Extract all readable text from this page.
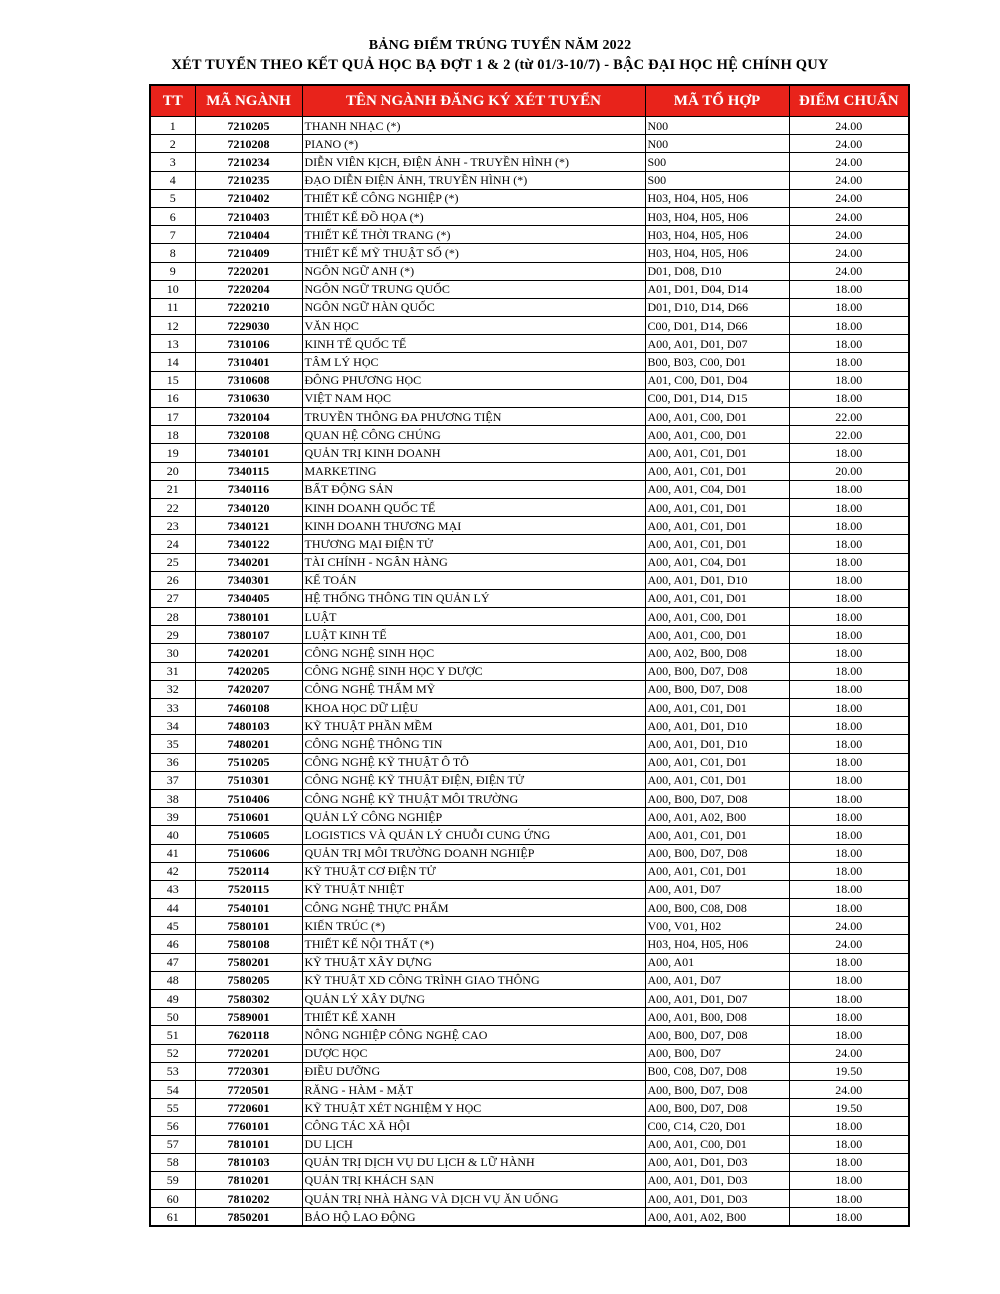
BẢNG ĐIỂM TRÚNG TUYỂN NĂM 2022
XÉT TUYỂN THEO KẾT QUẢ HỌC BẠ ĐỢT 1 & 2 (từ 01/3-10/7) - BẬC ĐẠI HỌC HỆ CHÍNH QUY
TT	MÃ NGÀNH	TÊN NGÀNH ĐĂNG KÝ XÉT TUYỂN	MÃ TỔ HỢP	ĐIỂM CHUẨN
1	7210205	THANH NHẠC (*)	N00	24.00
2	7210208	PIANO (*)	N00	24.00
3	7210234	DIỄN VIÊN KỊCH, ĐIỆN ẢNH - TRUYỀN HÌNH (*)	S00	24.00
4	7210235	ĐẠO DIỄN ĐIỆN ẢNH, TRUYỀN HÌNH (*)	S00	24.00
5	7210402	THIẾT KẾ CÔNG NGHIỆP (*)	H03, H04, H05, H06	24.00
6	7210403	THIẾT KẾ ĐỒ HỌA (*)	H03, H04, H05, H06	24.00
7	7210404	THIẾT KẾ THỜI TRANG (*)	H03, H04, H05, H06	24.00
8	7210409	THIẾT KẾ MỸ THUẬT SỐ (*)	H03, H04, H05, H06	24.00
9	7220201	NGÔN NGỮ ANH (*)	D01, D08, D10	24.00
10	7220204	NGÔN NGỮ TRUNG QUỐC	A01, D01, D04, D14	18.00
11	7220210	NGÔN NGỮ HÀN QUỐC	D01, D10, D14, D66	18.00
12	7229030	VĂN HỌC	C00, D01, D14, D66	18.00
13	7310106	KINH TẾ QUỐC TẾ	A00, A01, D01, D07	18.00
14	7310401	TÂM LÝ HỌC	B00, B03, C00, D01	18.00
15	7310608	ĐÔNG PHƯƠNG HỌC	A01, C00, D01, D04	18.00
16	7310630	VIỆT NAM HỌC	C00, D01, D14, D15	18.00
17	7320104	TRUYỀN THÔNG ĐA PHƯƠNG TIỆN	A00, A01, C00, D01	22.00
18	7320108	QUAN HỆ CÔNG CHÚNG	A00, A01, C00, D01	22.00
19	7340101	QUẢN TRỊ KINH DOANH	A00, A01, C01, D01	18.00
20	7340115	MARKETING	A00, A01, C01, D01	20.00
21	7340116	BẤT ĐỘNG SẢN	A00, A01, C04, D01	18.00
22	7340120	KINH DOANH QUỐC TẾ	A00, A01, C01, D01	18.00
23	7340121	KINH DOANH THƯƠNG MẠI	A00, A01, C01, D01	18.00
24	7340122	THƯƠNG MẠI ĐIỆN TỬ	A00, A01, C01, D01	18.00
25	7340201	TÀI CHÍNH - NGÂN HÀNG	A00, A01, C04, D01	18.00
26	7340301	KẾ TOÁN	A00, A01, D01, D10	18.00
27	7340405	HỆ THỐNG THÔNG TIN QUẢN LÝ	A00, A01, C01, D01	18.00
28	7380101	LUẬT	A00, A01, C00, D01	18.00
29	7380107	LUẬT KINH TẾ	A00, A01, C00, D01	18.00
30	7420201	CÔNG NGHỆ SINH HỌC	A00, A02, B00, D08	18.00
31	7420205	CÔNG NGHỆ SINH HỌC Y DƯỢC	A00, B00, D07, D08	18.00
32	7420207	CÔNG NGHỆ THẨM MỸ	A00, B00, D07, D08	18.00
33	7460108	KHOA HỌC DỮ LIỆU	A00, A01, C01, D01	18.00
34	7480103	KỸ THUẬT PHẦN MỀM	A00, A01, D01, D10	18.00
35	7480201	CÔNG NGHỆ THÔNG TIN	A00, A01, D01, D10	18.00
36	7510205	CÔNG NGHỆ KỸ THUẬT Ô TÔ	A00, A01, C01, D01	18.00
37	7510301	CÔNG NGHỆ KỸ THUẬT ĐIỆN, ĐIỆN TỬ	A00, A01, C01, D01	18.00
38	7510406	CÔNG NGHỆ KỸ THUẬT MÔI TRƯỜNG	A00, B00, D07, D08	18.00
39	7510601	QUẢN LÝ CÔNG NGHIỆP	A00, A01, A02, B00	18.00
40	7510605	LOGISTICS VÀ QUẢN LÝ CHUỖI CUNG ỨNG	A00, A01, C01, D01	18.00
41	7510606	QUẢN TRỊ MÔI TRƯỜNG DOANH NGHIỆP	A00, B00, D07, D08	18.00
42	7520114	KỸ THUẬT CƠ ĐIỆN TỬ	A00, A01, C01, D01	18.00
43	7520115	KỸ THUẬT NHIỆT	A00, A01, D07	18.00
44	7540101	CÔNG NGHỆ THỰC PHẨM	A00, B00, C08, D08	18.00
45	7580101	KIẾN TRÚC (*)	V00, V01, H02	24.00
46	7580108	THIẾT KẾ NỘI THẤT (*)	H03, H04, H05, H06	24.00
47	7580201	KỸ THUẬT XÂY DỰNG	A00, A01	18.00
48	7580205	KỸ THUẬT XD CÔNG TRÌNH GIAO THÔNG	A00, A01, D07	18.00
49	7580302	QUẢN LÝ XÂY DỰNG	A00, A01, D01, D07	18.00
50	7589001	THIẾT KẾ XANH	A00, A01, B00, D08	18.00
51	7620118	NÔNG NGHIỆP CÔNG NGHỆ CAO	A00, B00, D07, D08	18.00
52	7720201	DƯỢC HỌC	A00, B00, D07	24.00
53	7720301	ĐIỀU DƯỠNG	B00, C08, D07, D08	19.50
54	7720501	RĂNG - HÀM - MẶT	A00, B00, D07, D08	24.00
55	7720601	KỸ THUẬT XÉT NGHIỆM Y HỌC	A00, B00, D07, D08	19.50
56	7760101	CÔNG TÁC XÃ HỘI	C00, C14, C20, D01	18.00
57	7810101	DU LỊCH	A00, A01, C00, D01	18.00
58	7810103	QUẢN TRỊ DỊCH VỤ DU LỊCH & LỮ HÀNH	A00, A01, D01, D03	18.00
59	7810201	QUẢN TRỊ KHÁCH SẠN	A00, A01, D01, D03	18.00
60	7810202	QUẢN TRỊ NHÀ HÀNG VÀ DỊCH VỤ ĂN UỐNG	A00, A01, D01, D03	18.00
61	7850201	BẢO HỘ LAO ĐỘNG	A00, A01, A02, B00	18.00
